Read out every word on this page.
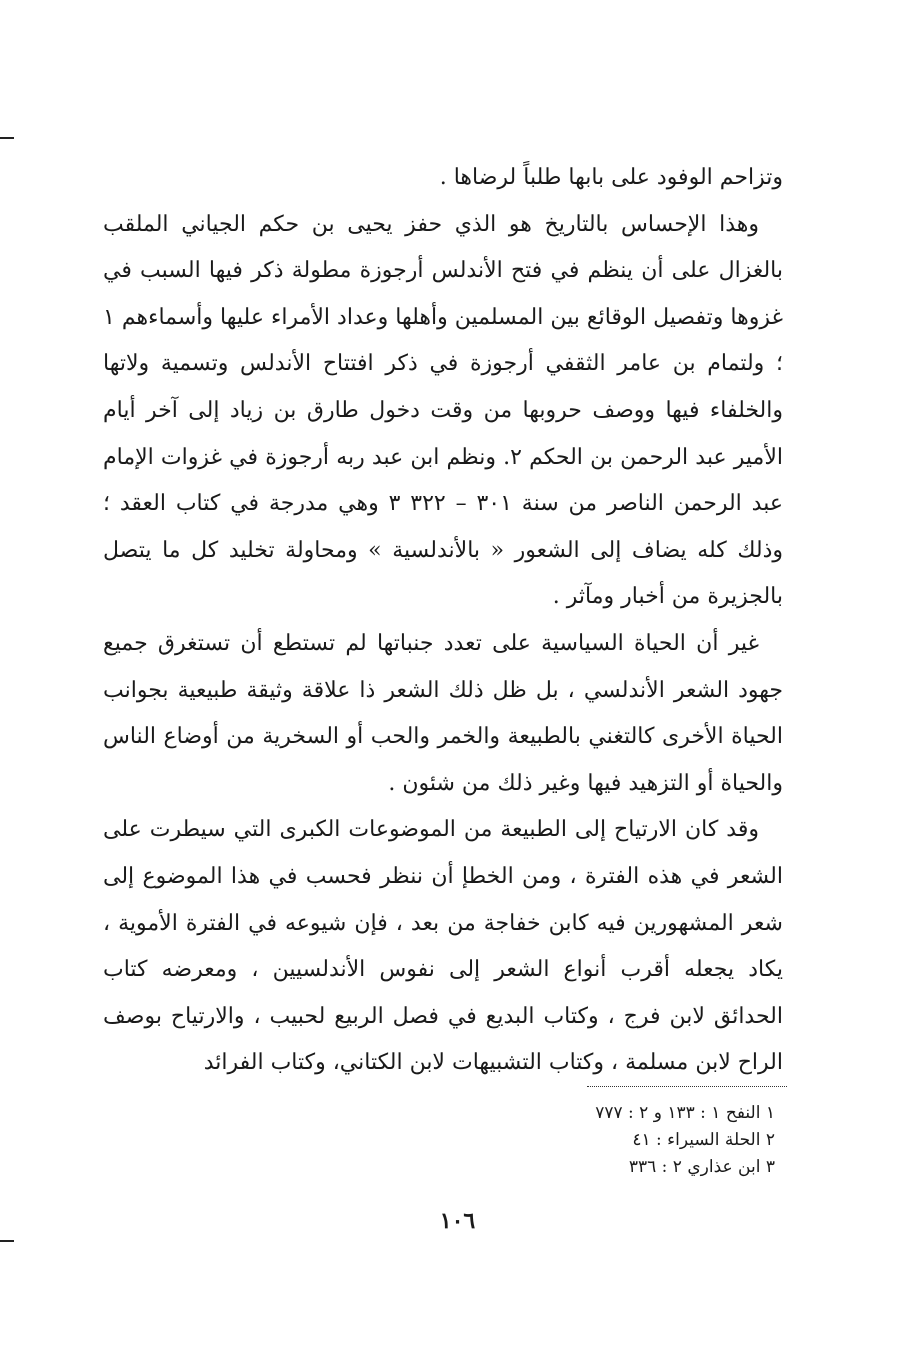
وتزاحم الوفود على بابها طلباً لرضاها .

وهذا الإحساس بالتاريخ هو الذي حفز يحيى بن حكم الجياني الملقب بالغزال على أن ينظم في فتح الأندلس أرجوزة مطولة ذكر فيها السبب في غزوها وتفصيل الوقائع بين المسلمين وأهلها وعداد الأمراء عليها وأسماءهم ١ ؛ ولتمام بن عامر الثقفي أرجوزة في ذكر افتتاح الأندلس وتسمية ولاتها والخلفاء فيها ووصف حروبها من وقت دخول طارق بن زياد إلى آخر أيام الأمير عبد الرحمن بن الحكم ٢. ونظم ابن عبد ربه أرجوزة في غزوات الإمام عبد الرحمن الناصر من سنة ٣٠١ – ٣٢٢ ٣ وهي مدرجة في كتاب العقد ؛ وذلك كله يضاف إلى الشعور « بالأندلسية » ومحاولة تخليد كل ما يتصل بالجزيرة من أخبار ومآثر .

غير أن الحياة السياسية على تعدد جنباتها لم تستطع أن تستغرق جميع جهود الشعر الأندلسي ، بل ظل ذلك الشعر ذا علاقة وثيقة طبيعية بجوانب الحياة الأخرى كالتغني بالطبيعة والخمر والحب أو السخرية من أوضاع الناس والحياة أو التزهيد فيها وغير ذلك من شئون .

وقد كان الارتياح إلى الطبيعة من الموضوعات الكبرى التي سيطرت على الشعر في هذه الفترة ، ومن الخطإ أن ننظر فحسب في هذا الموضوع إلى شعر المشهورين فيه كابن خفاجة من بعد ، فإن شيوعه في الفترة الأموية ، يكاد يجعله أقرب أنواع الشعر إلى نفوس الأندلسيين ، ومعرضه كتاب الحدائق لابن فرج ، وكتاب البديع في فصل الربيع لحبيب ، والارتياح بوصف الراح لابن مسلمة ، وكتاب التشبيهات لابن الكتاني، وكتاب الفرائد

١ النفح ١ : ١٣٣ و ٢ : ٧٧٧
٢ الحلة السيراء : ٤١
٣ ابن عذاري ٢ : ٣٣٦
١٠٦
